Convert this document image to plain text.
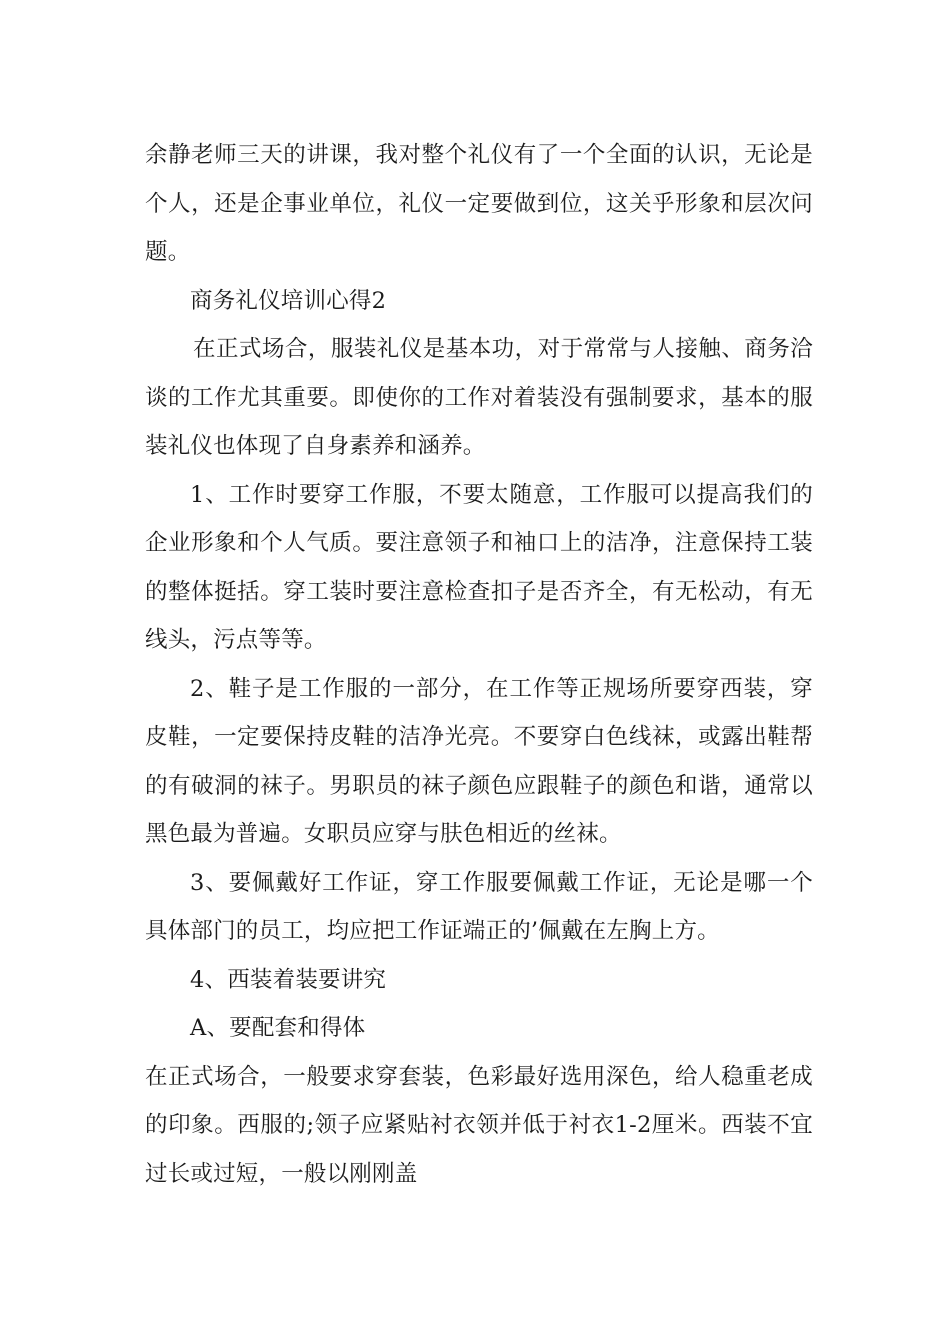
余静老师三天的讲课，我对整个礼仪有了一个全面的认识，无论是个人，还是企事业单位，礼仪一定要做到位，这关乎形象和层次问题。

商务礼仪培训心得2

在正式场合，服装礼仪是基本功，对于常常与人接触、商务洽谈的工作尤其重要。即使你的工作对着装没有强制要求，基本的服装礼仪也体现了自身素养和涵养。

1、工作时要穿工作服，不要太随意，工作服可以提高我们的企业形象和个人气质。要注意领子和袖口上的洁净，注意保持工装的整体挺括。穿工装时要注意检查扣子是否齐全，有无松动，有无线头，污点等等。

2、鞋子是工作服的一部分，在工作等正规场所要穿西装，穿皮鞋，一定要保持皮鞋的洁净光亮。不要穿白色线袜，或露出鞋帮的有破洞的袜子。男职员的袜子颜色应跟鞋子的颜色和谐，通常以黑色最为普遍。女职员应穿与肤色相近的丝袜。

3、要佩戴好工作证，穿工作服要佩戴工作证，无论是哪一个具体部门的员工，均应把工作证端正的’佩戴在左胸上方。

4、西装着装要讲究

A、要配套和得体

在正式场合，一般要求穿套装，色彩最好选用深色，给人稳重老成的印象。西服的;领子应紧贴衬衣领并低于衬衣1-2厘米。西装不宜过长或过短，一般以刚刚盖
